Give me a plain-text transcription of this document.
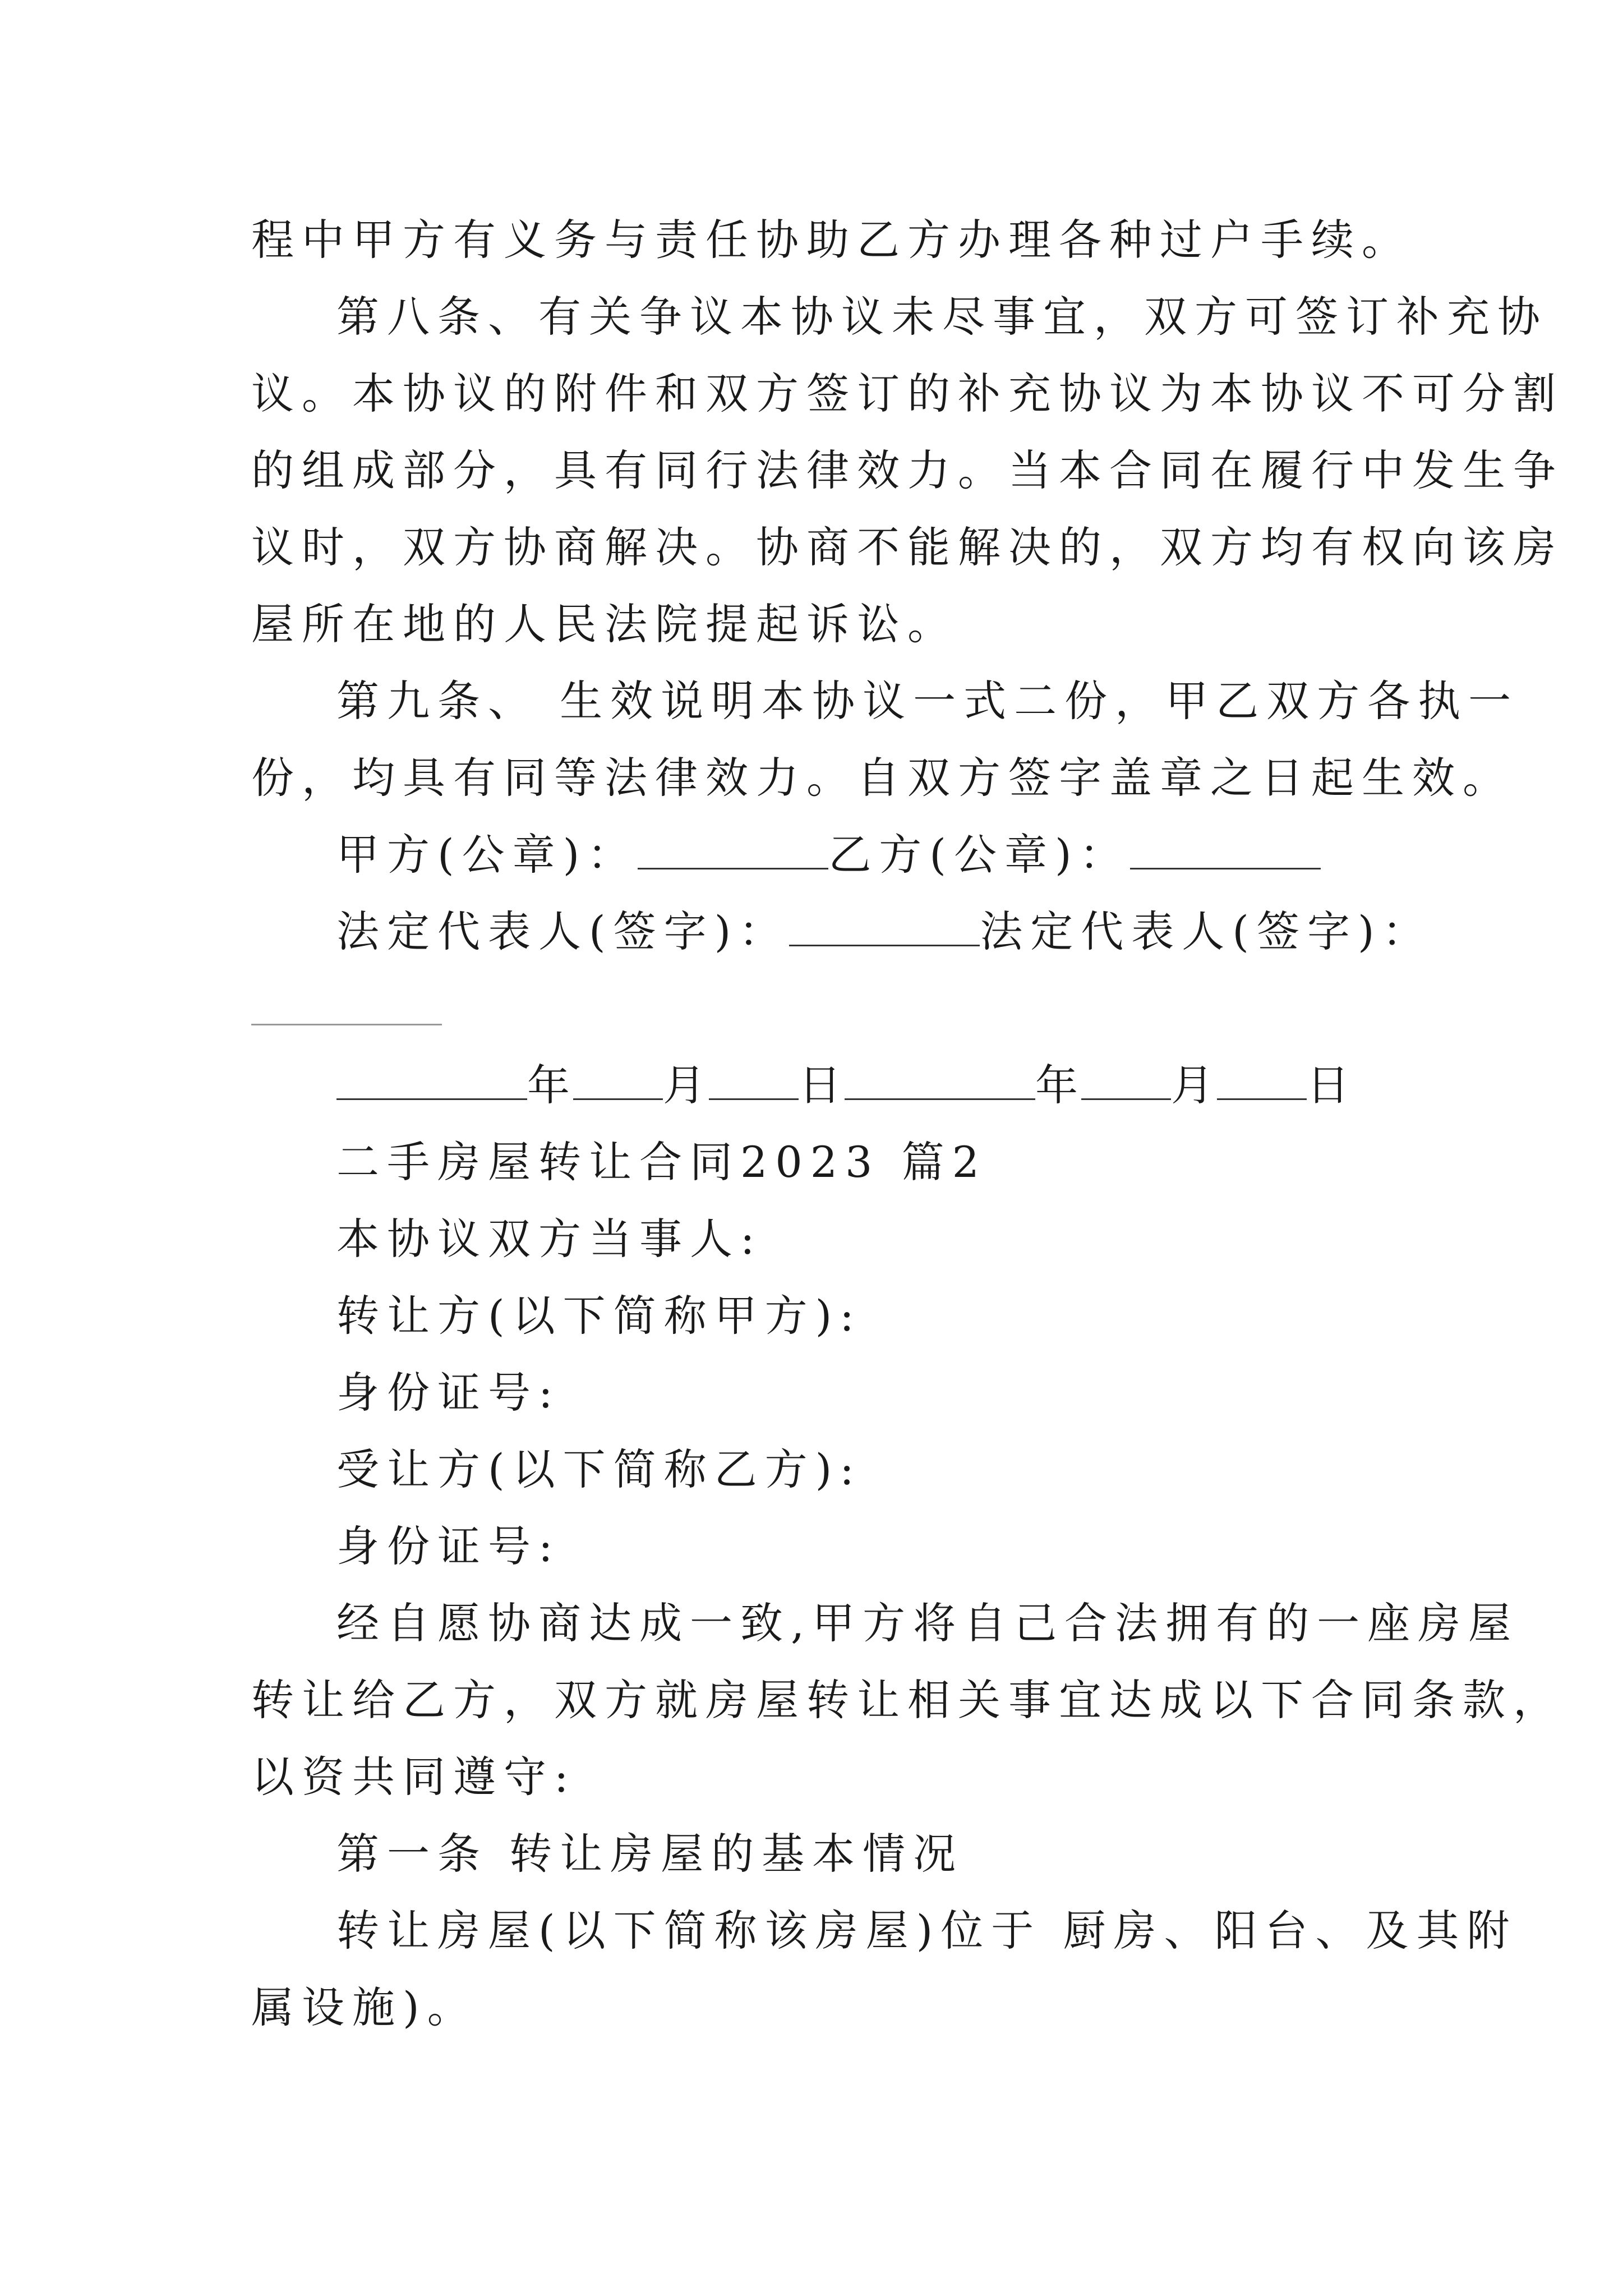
程中甲方有义务与责任协助乙方办理各种过户手续。
第八条、有关争议本协议未尽事宜，双方可签订补充协
议。本协议的附件和双方签订的补充协议为本协议不可分割
的组成部分，具有同行法律效力。当本合同在履行中发生争
议时，双方协商解决。协商不能解决的，双方均有权向该房
屋所在地的人民法院提起诉讼。
第九条、 生效说明本协议一式二份，甲乙双方各执一
份，均具有同等法律效力。自双方签字盖章之日起生效。
甲方(公章)：	乙方(公章)：
法定代表人(签字)：	法定代表人(签字)：
年 月 日	年 月 日
二手房屋转让合同2023 篇2
本协议双方当事人:
转让方(以下简称甲方):
身份证号:
受让方(以下简称乙方):
身份证号:
经自愿协商达成一致,甲方将自己合法拥有的一座房屋
转让给乙方，双方就房屋转让相关事宜达成以下合同条款，
以资共同遵守:
第一条 转让房屋的基本情况
转让房屋(以下简称该房屋)位于 厨房、阳台、及其附
属设施)。
